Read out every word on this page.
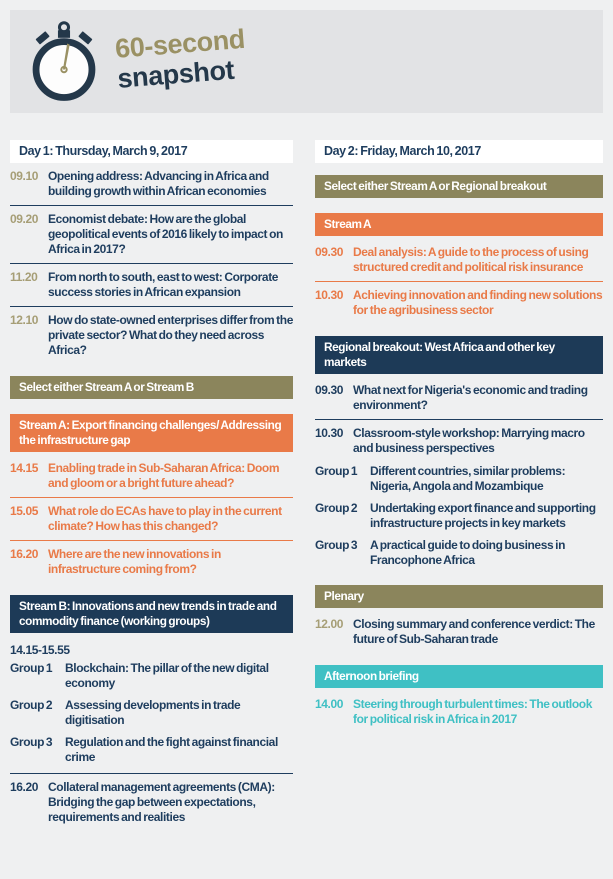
60-second
snapshot
Day 1: Thursday, March 9, 2017
09.10 Opening address: Advancing in Africa and building growth within African economies
09.20 Economist debate: How are the global geopolitical events of 2016 likely to impact on Africa in 2017?
11.20 From north to south, east to west: Corporate success stories in African expansion
12.10 How do state-owned enterprises differ from the private sector? What do they need across Africa?
Select either Stream A or Stream B
Stream A: Export financing challenges/ Addressing the infrastructure gap
14.15 Enabling trade in Sub-Saharan Africa: Doom and gloom or a bright future ahead?
15.05 What role do ECAs have to play in the current climate? How has this changed?
16.20 Where are the new innovations in infrastructure coming from?
Stream B: Innovations and new trends in trade and commodity finance (working groups)
14.15-15.55
Group 1	Blockchain: The pillar of the new digital economy
Group 2	Assessing developments in trade digitisation
Group 3	Regulation and the fight against financial crime
16.20 Collateral management agreements (CMA): Bridging the gap between expectations, requirements and realities
Day 2: Friday, March 10, 2017
Select either Stream A or Regional breakout
Stream A
09.30 Deal analysis: A guide to the process of using structured credit and political risk insurance
10.30 Achieving innovation and finding new solutions for the agribusiness sector
Regional breakout: West Africa and other key markets
09.30 What next for Nigeria's economic and trading environment?
10.30 Classroom-style workshop: Marrying macro and business perspectives
Group 1	Different countries, similar problems: Nigeria, Angola and Mozambique
Group 2	Undertaking export finance and supporting infrastructure projects in key markets
Group 3	A practical guide to doing business in Francophone Africa
Plenary
12.00 Closing summary and conference verdict: The future of Sub-Saharan trade
Afternoon briefing
14.00 Steering through turbulent times: The outlook for political risk in Africa in 2017
